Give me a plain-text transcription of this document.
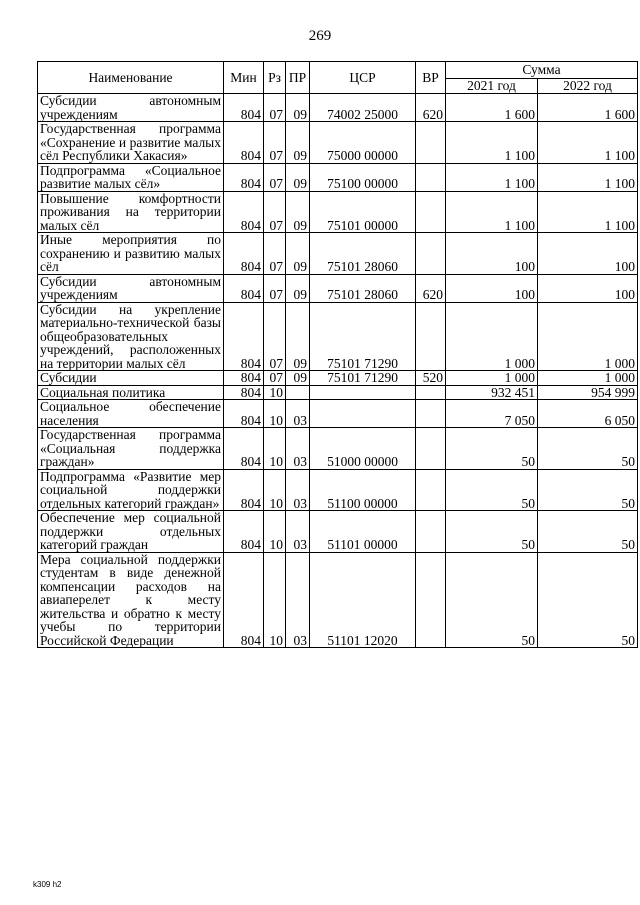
269
Наименование	Мин	Рз	ПР	ЦСР	ВР	Сумма	
						2021 год	2022 год
Субсидии автономным учреждениям	804	07	09	74002 25000	620	1 600	1 600
Государственная программа «Сохранение и развитие малых сёл Республики Хакасия»	804	07	09	75000 00000		1 100	1 100
Подпрограмма «Социальное развитие малых сёл»	804	07	09	75100 00000		1 100	1 100
Повышение комфортности проживания на территории малых сёл	804	07	09	75101 00000		1 100	1 100
Иные мероприятия по сохранению и развитию малых сёл	804	07	09	75101 28060		100	100
Субсидии автономным учреждениям	804	07	09	75101 28060	620	100	100
Субсидии на укрепление материально-технической базы общеобразовательных учреждений, расположенных на территории малых сёл	804	07	09	75101 71290		1 000	1 000
Субсидии	804	07	09	75101 71290	520	1 000	1 000
Социальная политика	804	10				932 451	954 999
Социальное обеспечение населения	804	10	03			7 050	6 050
Государственная программа «Социальная поддержка граждан»	804	10	03	51000 00000		50	50
Подпрограмма «Развитие мер социальной поддержки отдельных категорий граждан»	804	10	03	51100 00000		50	50
Обеспечение мер социальной поддержки отдельных категорий граждан	804	10	03	51101 00000		50	50
Мера социальной поддержки студентам в виде денежной компенсации расходов на авиаперелет к месту жительства и обратно к месту учебы по территории Российской Федерации	804	10	03	51101 12020		50	50
k309 h2
